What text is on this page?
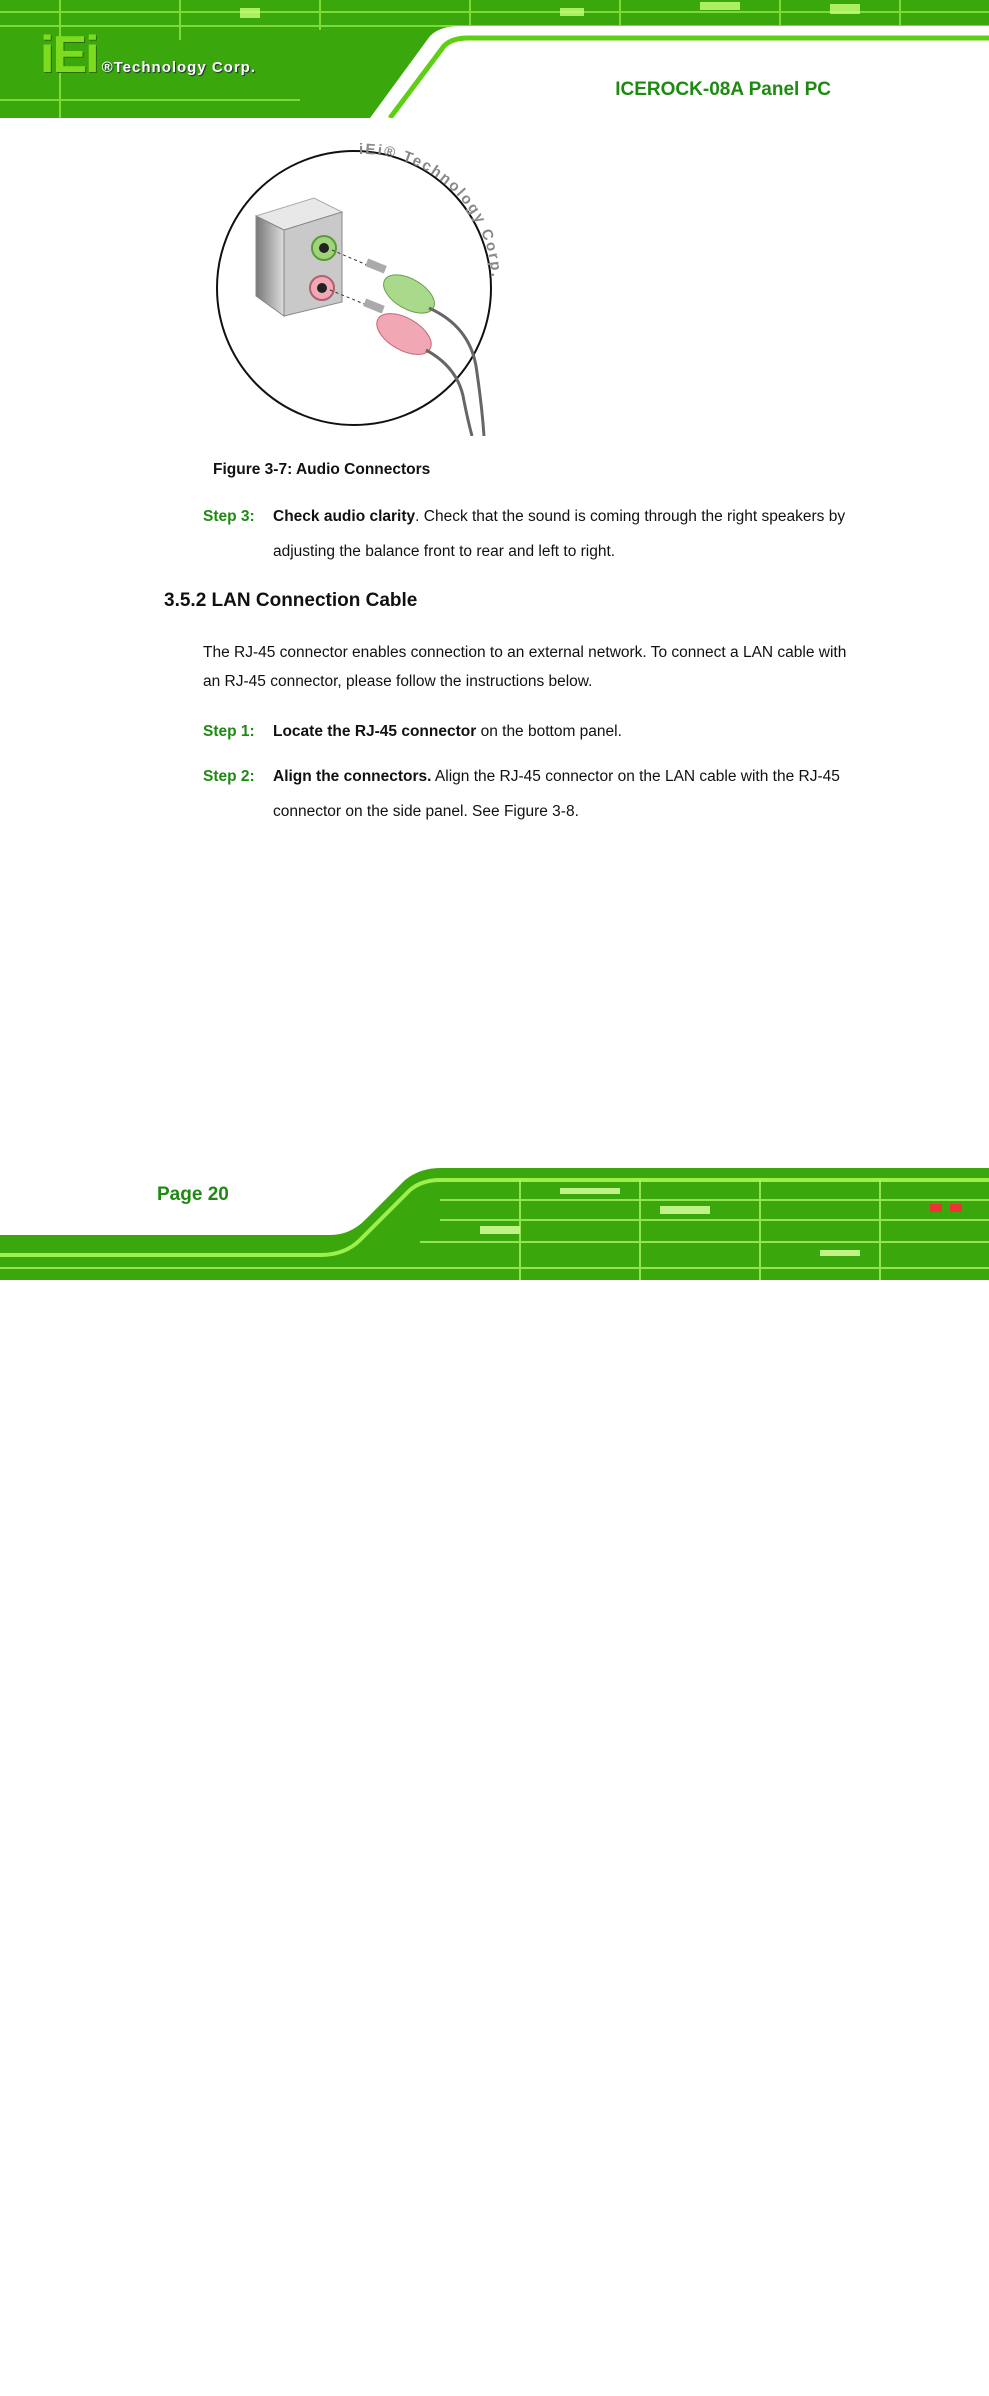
iEi ®Technology Corp.
ICEROCK-08A Panel PC
iEi® Technology Corp.
Figure 3-7: Audio Connectors
Step 3: Check audio clarity. Check that the sound is coming through the right speakers by adjusting the balance front to rear and left to right.
3.5.2 LAN Connection Cable
The RJ-45 connector enables connection to an external network. To connect a LAN cable with an RJ-45 connector, please follow the instructions below.
Step 1: Locate the RJ-45 connector on the bottom panel.
Step 2: Align the connectors. Align the RJ-45 connector on the LAN cable with the RJ-45 connector on the side panel. See Figure 3-8.
Bai 经验
jingyan.baidu.com
Page 20
